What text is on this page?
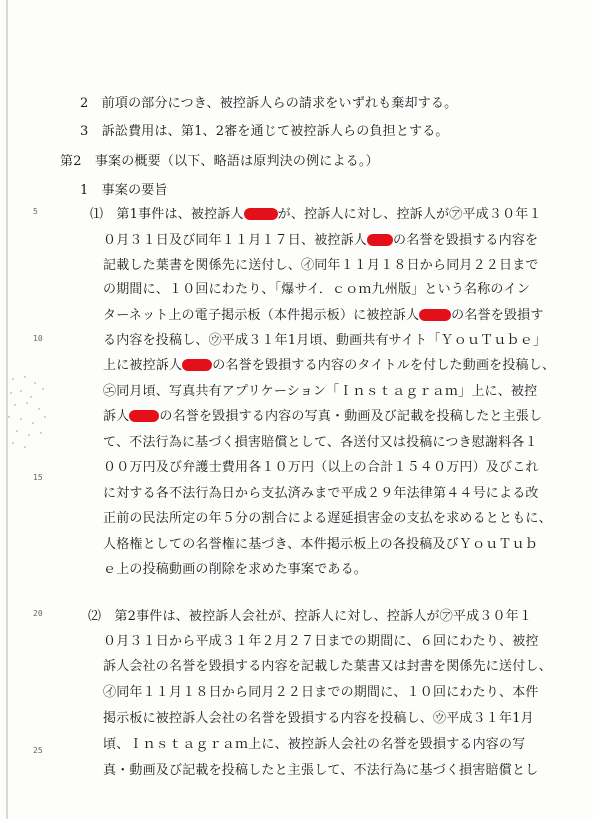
5
10
15
20
25
2　前項の部分につき、被控訴人らの請求をいずれも棄却する。
3　訴訟費用は、第1、2審を通じて被控訴人らの負担とする。
第2　事案の概要（以下、略語は原判決の例による。）
1　事案の要旨
⑴　第1事件は、被控訴人	が、控訴人に対し、控訴人が㋐平成３０年１
０月３１日及び同年１１月１７日、被控訴人 の名誉を毀損する内容を
記載した葉書を関係先に送付し、㋑同年１１月１８日から同月２２日まで
の期間に、１０回にわたり、「爆サイ．ｃｏｍ九州版」という名称のイン
ターネット上の電子掲示板（本件掲示板）に被控訴人 の名誉を毀損す
る内容を投稿し、㋒平成３１年1月頃、動画共有サイト「ＹｏｕＴｕｂｅ」
上に被控訴人 の名誉を毀損する内容のタイトルを付した動画を投稿し、
㋓同月頃、写真共有アプリケーション「Ｉｎｓｔａｇｒａｍ」上に、被控
訴人 の名誉を毀損する内容の写真・動画及び記載を投稿したと主張し
て、不法行為に基づく損害賠償として、各送付又は投稿につき慰謝料各１
００万円及び弁護士費用各１０万円（以上の合計１５４０万円）及びこれ
に対する各不法行為日から支払済みまで平成２９年法律第４４号による改
正前の民法所定の年５分の割合による遅延損害金の支払を求めるとともに、
人格権としての名誉権に基づき、本件掲示板上の各投稿及びＹｏｕＴｕｂ
ｅ上の投稿動画の削除を求めた事案である。
⑵　第2事件は、被控訴人会社が、控訴人に対し、控訴人が㋐平成３０年１
０月３１日から平成３１年２月２７日までの期間に、６回にわたり、被控
訴人会社の名誉を毀損する内容を記載した葉書又は封書を関係先に送付し、
㋑同年１１月１８日から同月２２日までの期間に、１０回にわたり、本件
掲示板に被控訴人会社の名誉を毀損する内容を投稿し、㋒平成３１年1月
頃、Ｉｎｓｔａｇｒａｍ上に、被控訴人会社の名誉を毀損する内容の写
真・動画及び記載を投稿したと主張して、不法行為に基づく損害賠償とし
